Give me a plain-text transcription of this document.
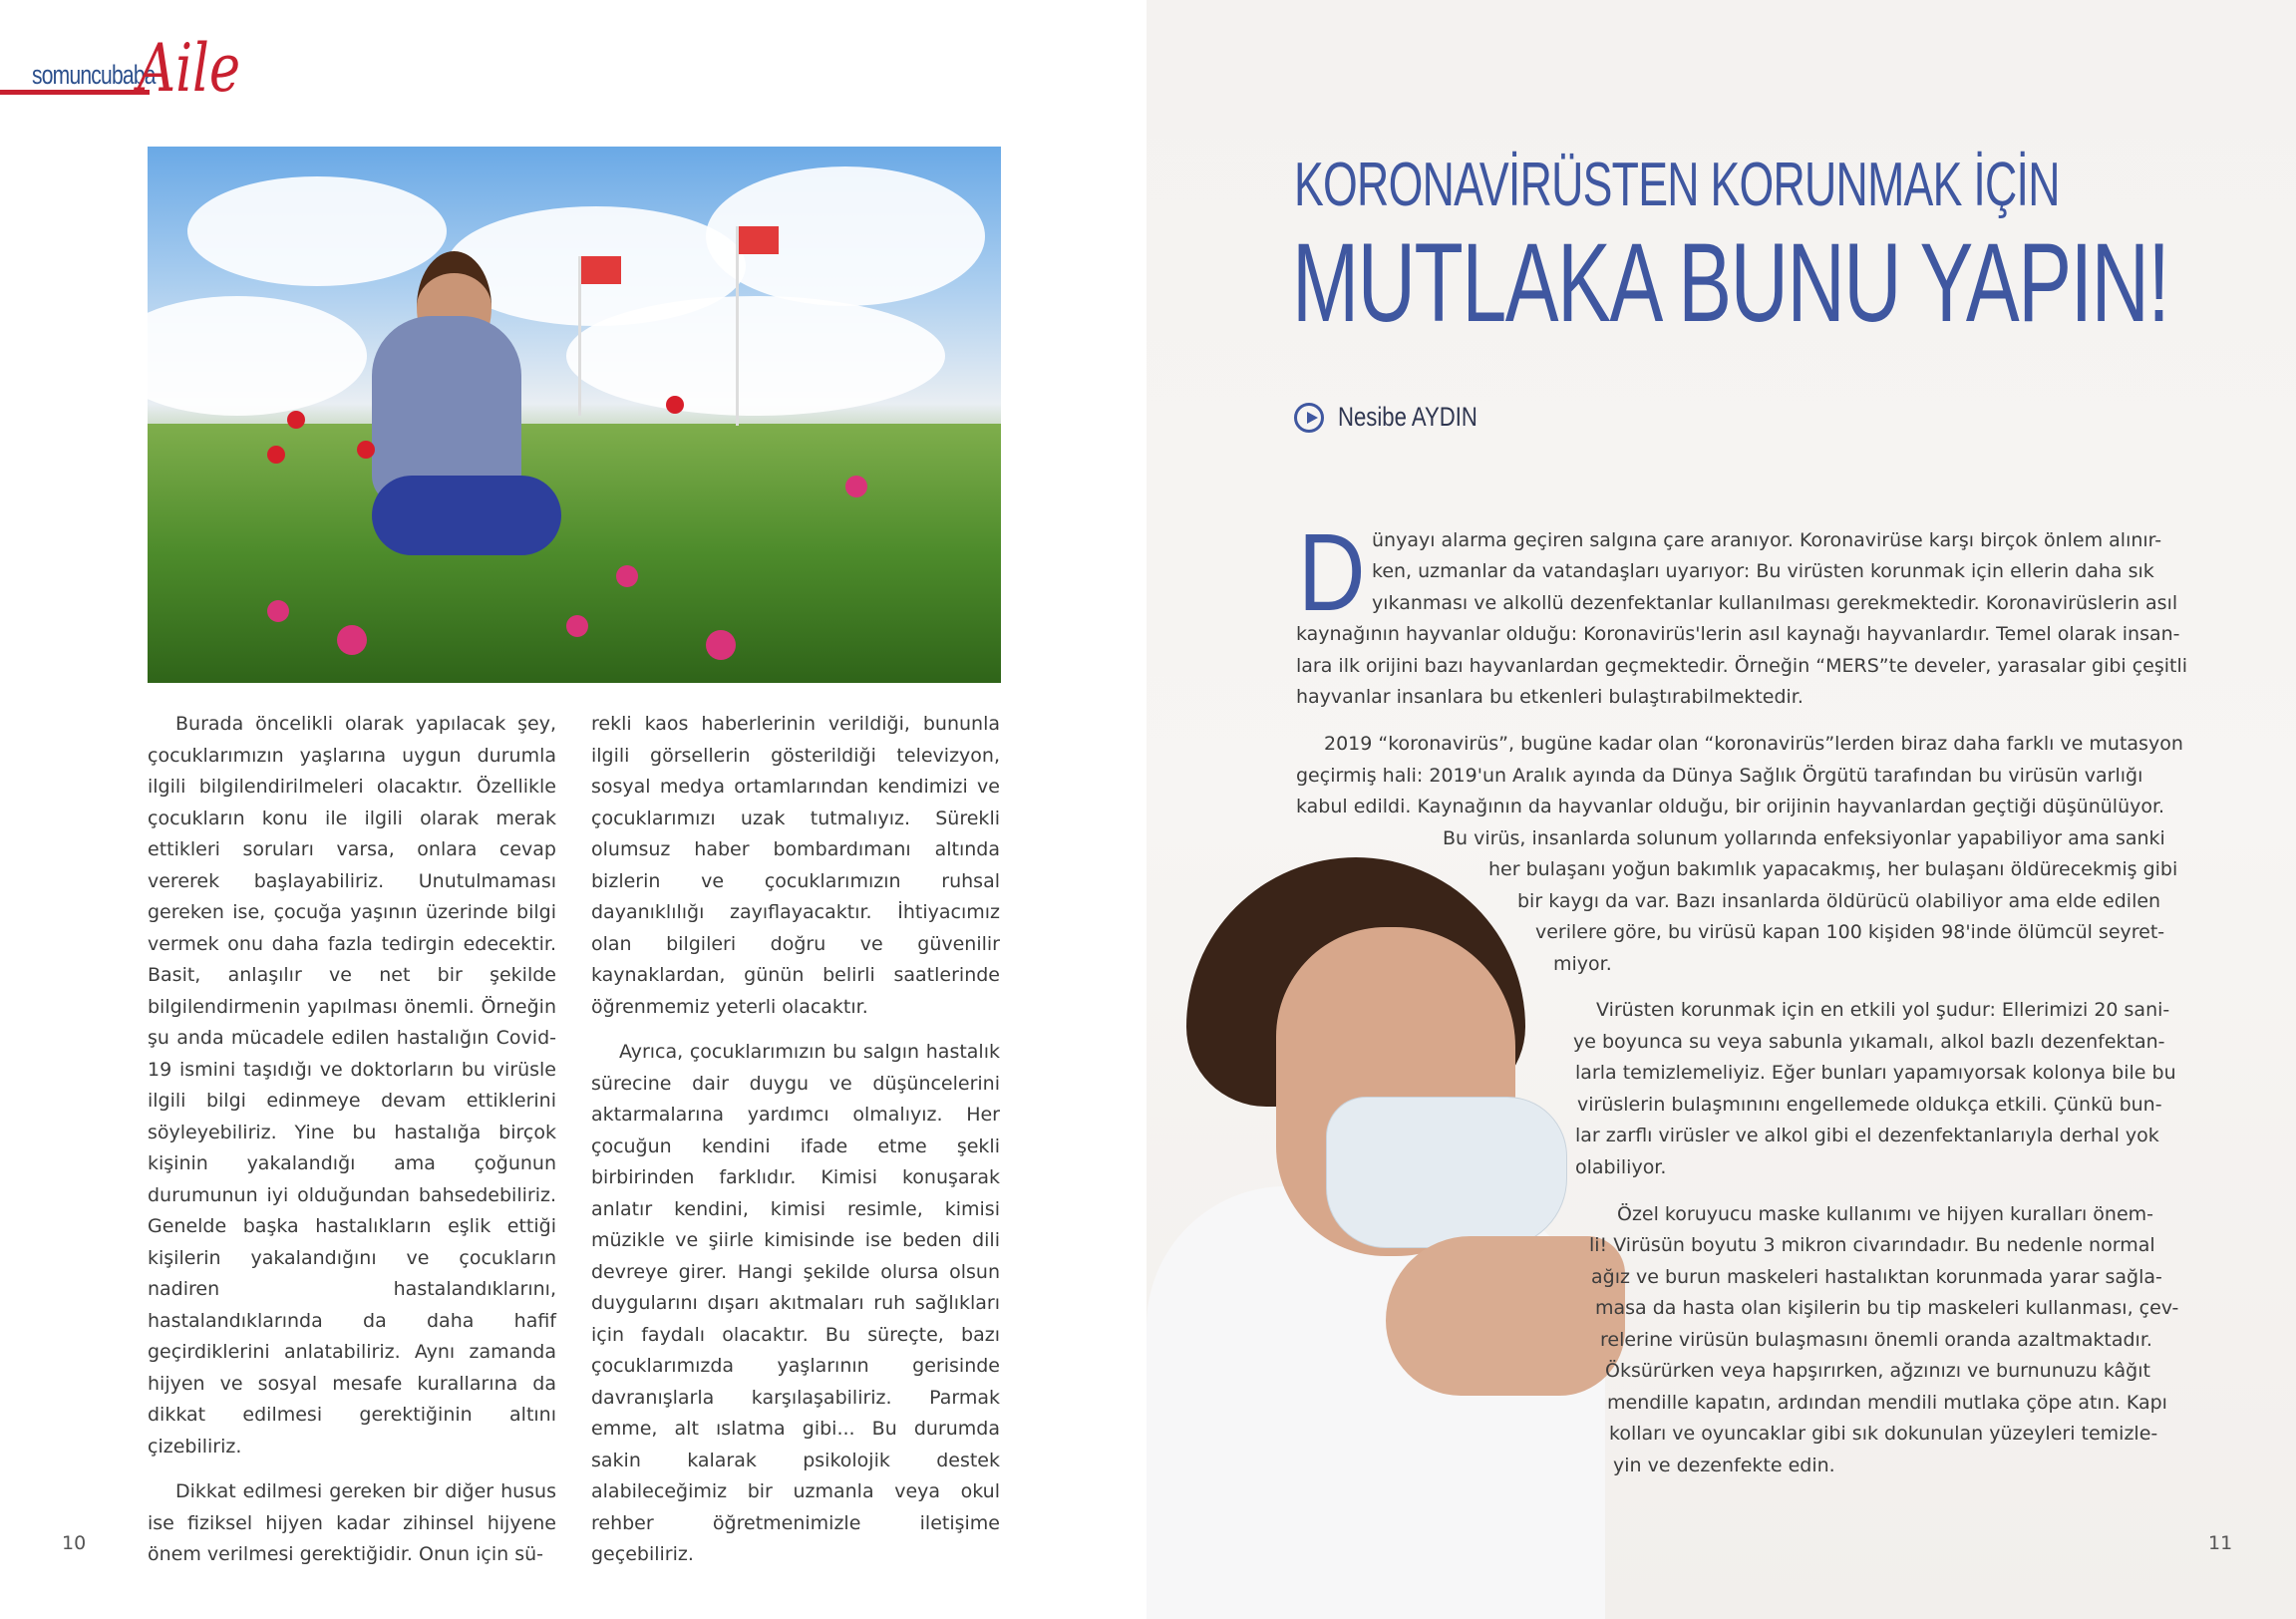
somuncubaba
Aile

Burada öncelikli olarak yapılacak şey, çocuklarımızın yaşlarına uygun durumla ilgili bilgilendirilmeleri olacaktır. Özellikle çocukların konu ile ilgili olarak merak ettikleri soruları varsa, onlara cevap vererek başlayabiliriz. Unutulmaması gereken ise, çocuğa yaşının üzerinde bilgi vermek onu daha fazla tedirgin edecektir. Basit, anlaşılır ve net bir şekilde bilgilendirmenin yapılması önemli. Örneğin şu anda mücadele edilen hastalığın Covid-19 ismini taşıdığı ve doktorların bu virüsle ilgili bilgi edinmeye devam ettiklerini söyleyebiliriz. Yine bu hastalığa birçok kişinin yakalandığı ama çoğunun durumunun iyi olduğundan bahsedebiliriz. Genelde başka hastalıkların eşlik ettiği kişilerin yakalandığını ve çocukların nadiren hastalandıklarını, hastalandıklarında da daha hafif geçirdiklerini anlatabiliriz. Aynı zamanda hijyen ve sosyal mesafe kurallarına da dikkat edilmesi gerektiğinin altını çizebiliriz.

Dikkat edilmesi gereken bir diğer husus ise fiziksel hijyen kadar zihinsel hijyene önem verilmesi gerektiğidir. Onun için sü-

rekli kaos haberlerinin verildiği, bununla ilgili görsellerin gösterildiği televizyon, sosyal medya ortamlarından kendimizi ve çocuklarımızı uzak tutmalıyız. Sürekli olumsuz haber bombardımanı altında bizlerin ve çocuklarımızın ruhsal dayanıklılığı zayıflayacaktır. İhtiyacımız olan bilgileri doğru ve güvenilir kaynaklardan, günün belirli saatlerinde öğrenmemiz yeterli olacaktır.

Ayrıca, çocuklarımızın bu salgın hastalık sürecine dair duygu ve düşüncelerini aktarmalarına yardımcı olmalıyız. Her çocuğun kendini ifade etme şekli birbirinden farklıdır. Kimisi konuşarak anlatır kendini, kimisi resimle, kimisi müzikle ve şiirle kimisinde ise beden dili devreye girer. Hangi şekilde olursa olsun duygularını dışarı akıtmaları ruh sağlıkları için faydalı olacaktır. Bu süreçte, bazı çocuklarımızda yaşlarının gerisinde davranışlarla karşılaşabiliriz. Parmak emme, alt ıslatma gibi... Bu durumda sakin kalarak psikolojik destek alabileceğimiz bir uzmanla veya okul rehber öğretmenimizle iletişime geçebiliriz.

10
KORONAVİRÜSTEN KORUNMAK İÇİN
MUTLAKA BUNU YAPIN!
Nesibe AYDIN
D ünyayı alarma geçiren salgına çare aranıyor. Koronavirüse karşı birçok önlem alınır-
ken, uzmanlar da vatandaşları uyarıyor: Bu virüsten korunmak için ellerin daha sık
yıkanması ve alkollü dezenfektanlar kullanılması gerekmektedir. Koronavirüslerin asıl
kaynağının hayvanlar olduğu: Koronavirüs'lerin asıl kaynağı hayvanlardır. Temel olarak insan-
lara ilk orijini bazı hayvanlardan geçmektedir. Örneğin “MERS”te develer, yarasalar gibi çeşitli
hayvanlar insanlara bu etkenleri bulaştırabilmektedir.
2019 “koronavirüs”, bugüne kadar olan “koronavirüs”lerden biraz daha farklı ve mutasyon
geçirmiş hali: 2019'un Aralık ayında da Dünya Sağlık Örgütü tarafından bu virüsün varlığı
kabul edildi. Kaynağının da hayvanlar olduğu, bir orijinin hayvanlardan geçtiği düşünülüyor.
Bu virüs, insanlarda solunum yollarında enfeksiyonlar yapabiliyor ama sanki
her bulaşanı yoğun bakımlık yapacakmış, her bulaşanı öldürecekmiş gibi
bir kaygı da var. Bazı insanlarda öldürücü olabiliyor ama elde edilen
verilere göre, bu virüsü kapan 100 kişiden 98'inde ölümcül seyret-
miyor.
Virüsten korunmak için en etkili yol şudur: Ellerimizi 20 sani-
ye boyunca su veya sabunla yıkamalı, alkol bazlı dezenfektan-
larla temizlemeliyiz. Eğer bunları yapamıyorsak kolonya bile bu
virüslerin bulaşmınını engellemede oldukça etkili. Çünkü bun-
lar zarflı virüsler ve alkol gibi el dezenfektanlarıyla derhal yok
olabiliyor.
Özel koruyucu maske kullanımı ve hijyen kuralları önem-
li! Virüsün boyutu 3 mikron civarındadır. Bu nedenle normal
ağız ve burun maskeleri hastalıktan korunmada yarar sağla-
masa da hasta olan kişilerin bu tip maskeleri kullanması, çev-
relerine virüsün bulaşmasını önemli oranda azaltmaktadır.
Öksürürken veya hapşırırken, ağzınızı ve burnunuzu kâğıt
mendille kapatın, ardından mendili mutlaka çöpe atın. Kapı
kolları ve oyuncaklar gibi sık dokunulan yüzeyleri temizle-
yin ve dezenfekte edin.
11
